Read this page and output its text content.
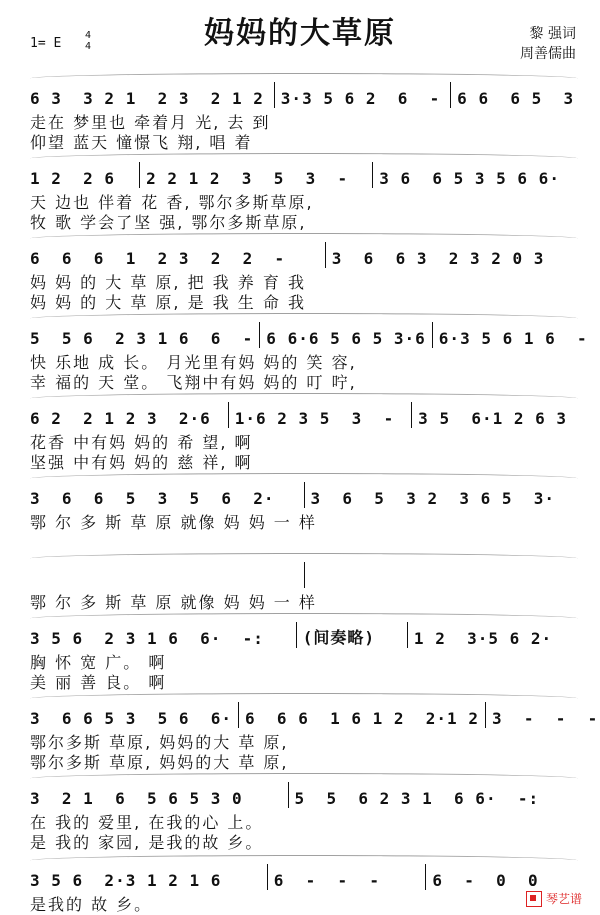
1= E
4
4	妈妈的大草原	黎 强词
周善儒曲
6 3  3 2 1  2 3  2 1 2 3·3 5 6 2  6  - 6 6  6 5  3
走在 梦里也 牵着月 光, 去 到
仰望 蓝天 憧憬飞 翔, 唱 着
1 2  2 6	2 2 1 2  3  5  3  -	3 6  6 5 3 5 6 6·
天 边也 伴着 花 香, 鄂尔多斯草原,
牧 歌 学会了坚 强, 鄂尔多斯草原,
6  6  6  1  2 3  2  2  -	3  6  6 3  2 3 2 0 3
妈 妈 的 大 草 原, 把 我 养 育 我
妈 妈 的 大 草 原, 是 我 生 命 我
5  5 6  2 3 1 6  6  - 6 6·6 5 6 5 3·6 6·3 5 6 1 6  -
快 乐地 成 长。 月光里有妈 妈的 笑 容,
幸 福的 天 堂。 飞翔中有妈 妈的 叮 咛,
6 2  2 1 2 3  2·6	1·6 2 3 5  3  -	3 5  6·1 2 6 3
花香 中有妈 妈的 希 望, 啊
坚强 中有妈 妈的 慈 祥, 啊
3  6  6  5  3  5  6  2·	3  6  5  3 2  3 6 5  3·
鄂 尔 多 斯 草 原 就像 妈 妈 一 样
鄂 尔 多 斯 草 原 就像 妈 妈 一 样
3 5 6  2 3 1 6  6·  -:	(间奏略)	1 2  3·5 6 2·
胸 怀 宽 广。 啊
美 丽 善 良。 啊
3  6 6 5 3  5 6  6· 6  6 6  1 6 1 2  2·1 2 3  -  -  -
鄂尔多斯 草原, 妈妈的大 草 原,
鄂尔多斯 草原, 妈妈的大 草 原,
3  2 1  6  5 6 5 3 0	5  5  6 2 3 1  6 6·  -:
在 我的 爱里, 在我的心 上。
是 我的 家园, 是我的故 乡。
3 5 6  2·3 1 2 1 6	6  -  -  -	6  -  0  0
是我的 故 乡。	琴艺谱
